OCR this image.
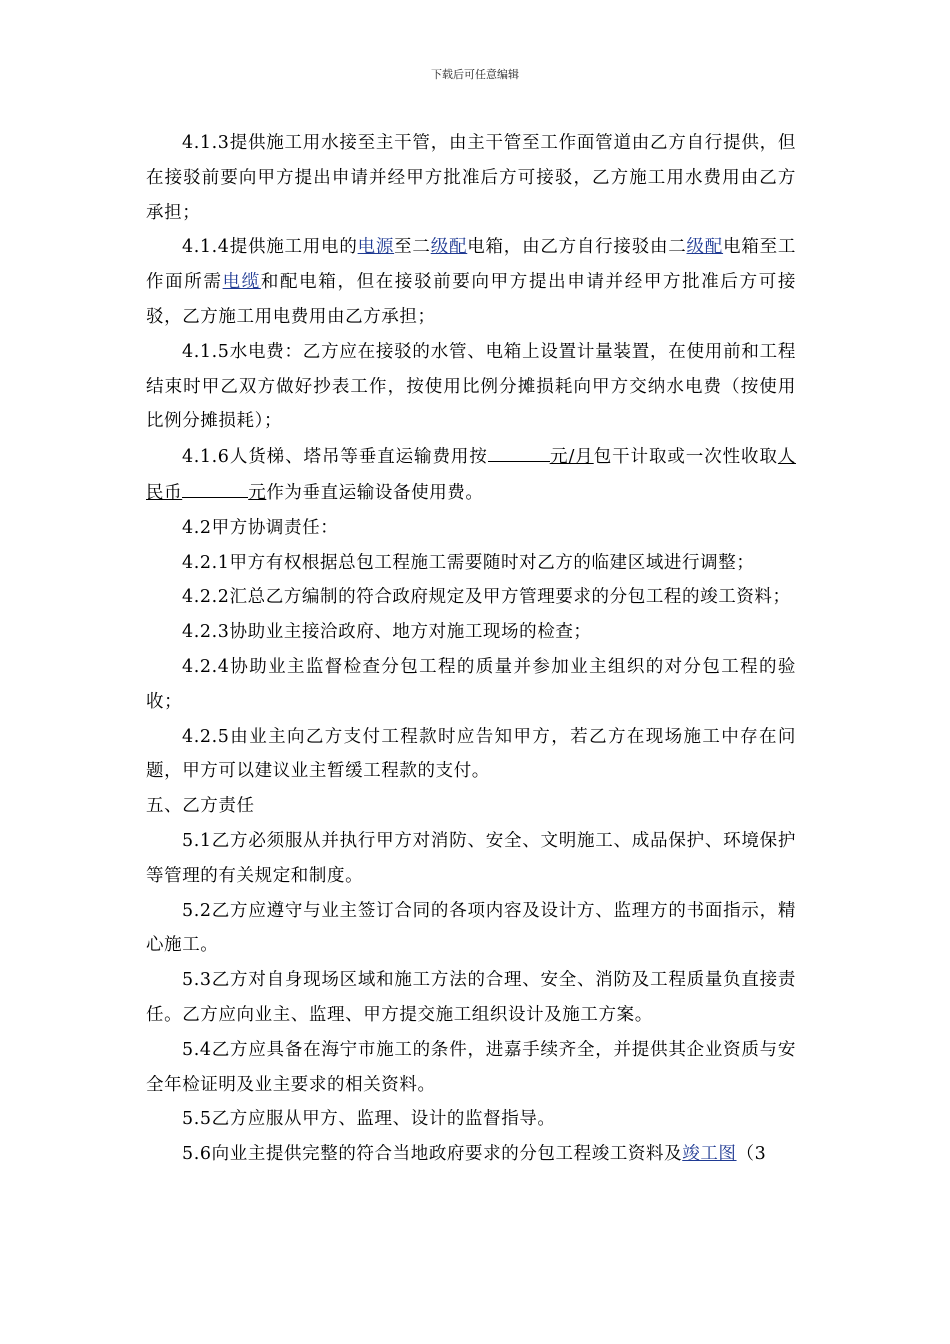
下载后可任意编辑

4.1.3提供施工用水接至主干管，由主干管至工作面管道由乙方自行提供，但在接驳前要向甲方提出申请并经甲方批准后方可接驳，乙方施工用水费用由乙方承担；

4.1.4提供施工用电的电源至二级配电箱，由乙方自行接驳由二级配电箱至工作面所需电缆和配电箱，但在接驳前要向甲方提出申请并经甲方批准后方可接驳，乙方施工用电费用由乙方承担；

4.1.5水电费：乙方应在接驳的水管、电箱上设置计量装置，在使用前和工程结束时甲乙双方做好抄表工作，按使用比例分摊损耗向甲方交纳水电费（按使用比例分摊损耗）；

4.1.6人货梯、塔吊等垂直运输费用按	元/月包干计取或一次性收取人民币	元作为垂直运输设备使用费。

4.2甲方协调责任：

4.2.1甲方有权根据总包工程施工需要随时对乙方的临建区域进行调整；

4.2.2汇总乙方编制的符合政府规定及甲方管理要求的分包工程的竣工资料；

4.2.3协助业主接洽政府、地方对施工现场的检查；

4.2.4协助业主监督检查分包工程的质量并参加业主组织的对分包工程的验收；

4.2.5由业主向乙方支付工程款时应告知甲方，若乙方在现场施工中存在问题，甲方可以建议业主暂缓工程款的支付。

五、乙方责任

5.1乙方必须服从并执行甲方对消防、安全、文明施工、成品保护、环境保护等管理的有关规定和制度。

5.2乙方应遵守与业主签订合同的各项内容及设计方、监理方的书面指示，精心施工。

5.3乙方对自身现场区域和施工方法的合理、安全、消防及工程质量负直接责任。乙方应向业主、监理、甲方提交施工组织设计及施工方案。

5.4乙方应具备在海宁市施工的条件，进嘉手续齐全，并提供其企业资质与安全年检证明及业主要求的相关资料。

5.5乙方应服从甲方、监理、设计的监督指导。

5.6向业主提供完整的符合当地政府要求的分包工程竣工资料及竣工图（3
